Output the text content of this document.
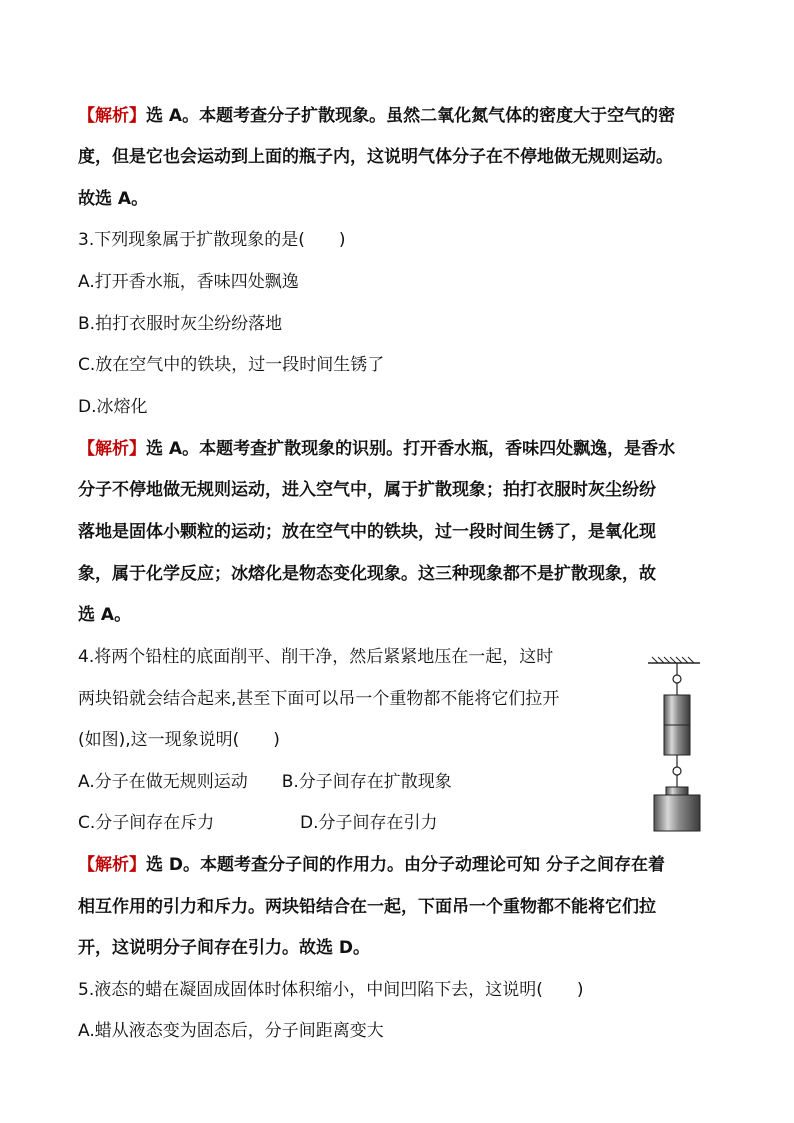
【解析】选 A。本题考查分子扩散现象。虽然二氧化氮气体的密度大于空气的密
度，但是它也会运动到上面的瓶子内，这说明气体分子在不停地做无规则运动。
故选 A。
3.下列现象属于扩散现象的是(　　)
A.打开香水瓶，香味四处飘逸
B.拍打衣服时灰尘纷纷落地
C.放在空气中的铁块，过一段时间生锈了
D.冰熔化
【解析】选 A。本题考查扩散现象的识别。打开香水瓶，香味四处飘逸，是香水
分子不停地做无规则运动，进入空气中，属于扩散现象；拍打衣服时灰尘纷纷
落地是固体小颗粒的运动；放在空气中的铁块，过一段时间生锈了，是氧化现
象，属于化学反应；冰熔化是物态变化现象。这三种现象都不是扩散现象，故
选 A。
4.将两个铅柱的底面削平、削干净，然后紧紧地压在一起，这时
两块铅就会结合起来,甚至下面可以吊一个重物都不能将它们拉开
(如图),这一现象说明(　　)
A.分子在做无规则运动 B.分子间存在扩散现象
C.分子间存在斥力	D.分子间存在引力
【解析】选 D。本题考查分子间的作用力。由分子动理论可知 分子之间存在着
相互作用的引力和斥力。两块铅结合在一起，下面吊一个重物都不能将它们拉
开，这说明分子间存在引力。故选 D。
5.液态的蜡在凝固成固体时体积缩小，中间凹陷下去，这说明(　　)
A.蜡从液态变为固态后，分子间距离变大
